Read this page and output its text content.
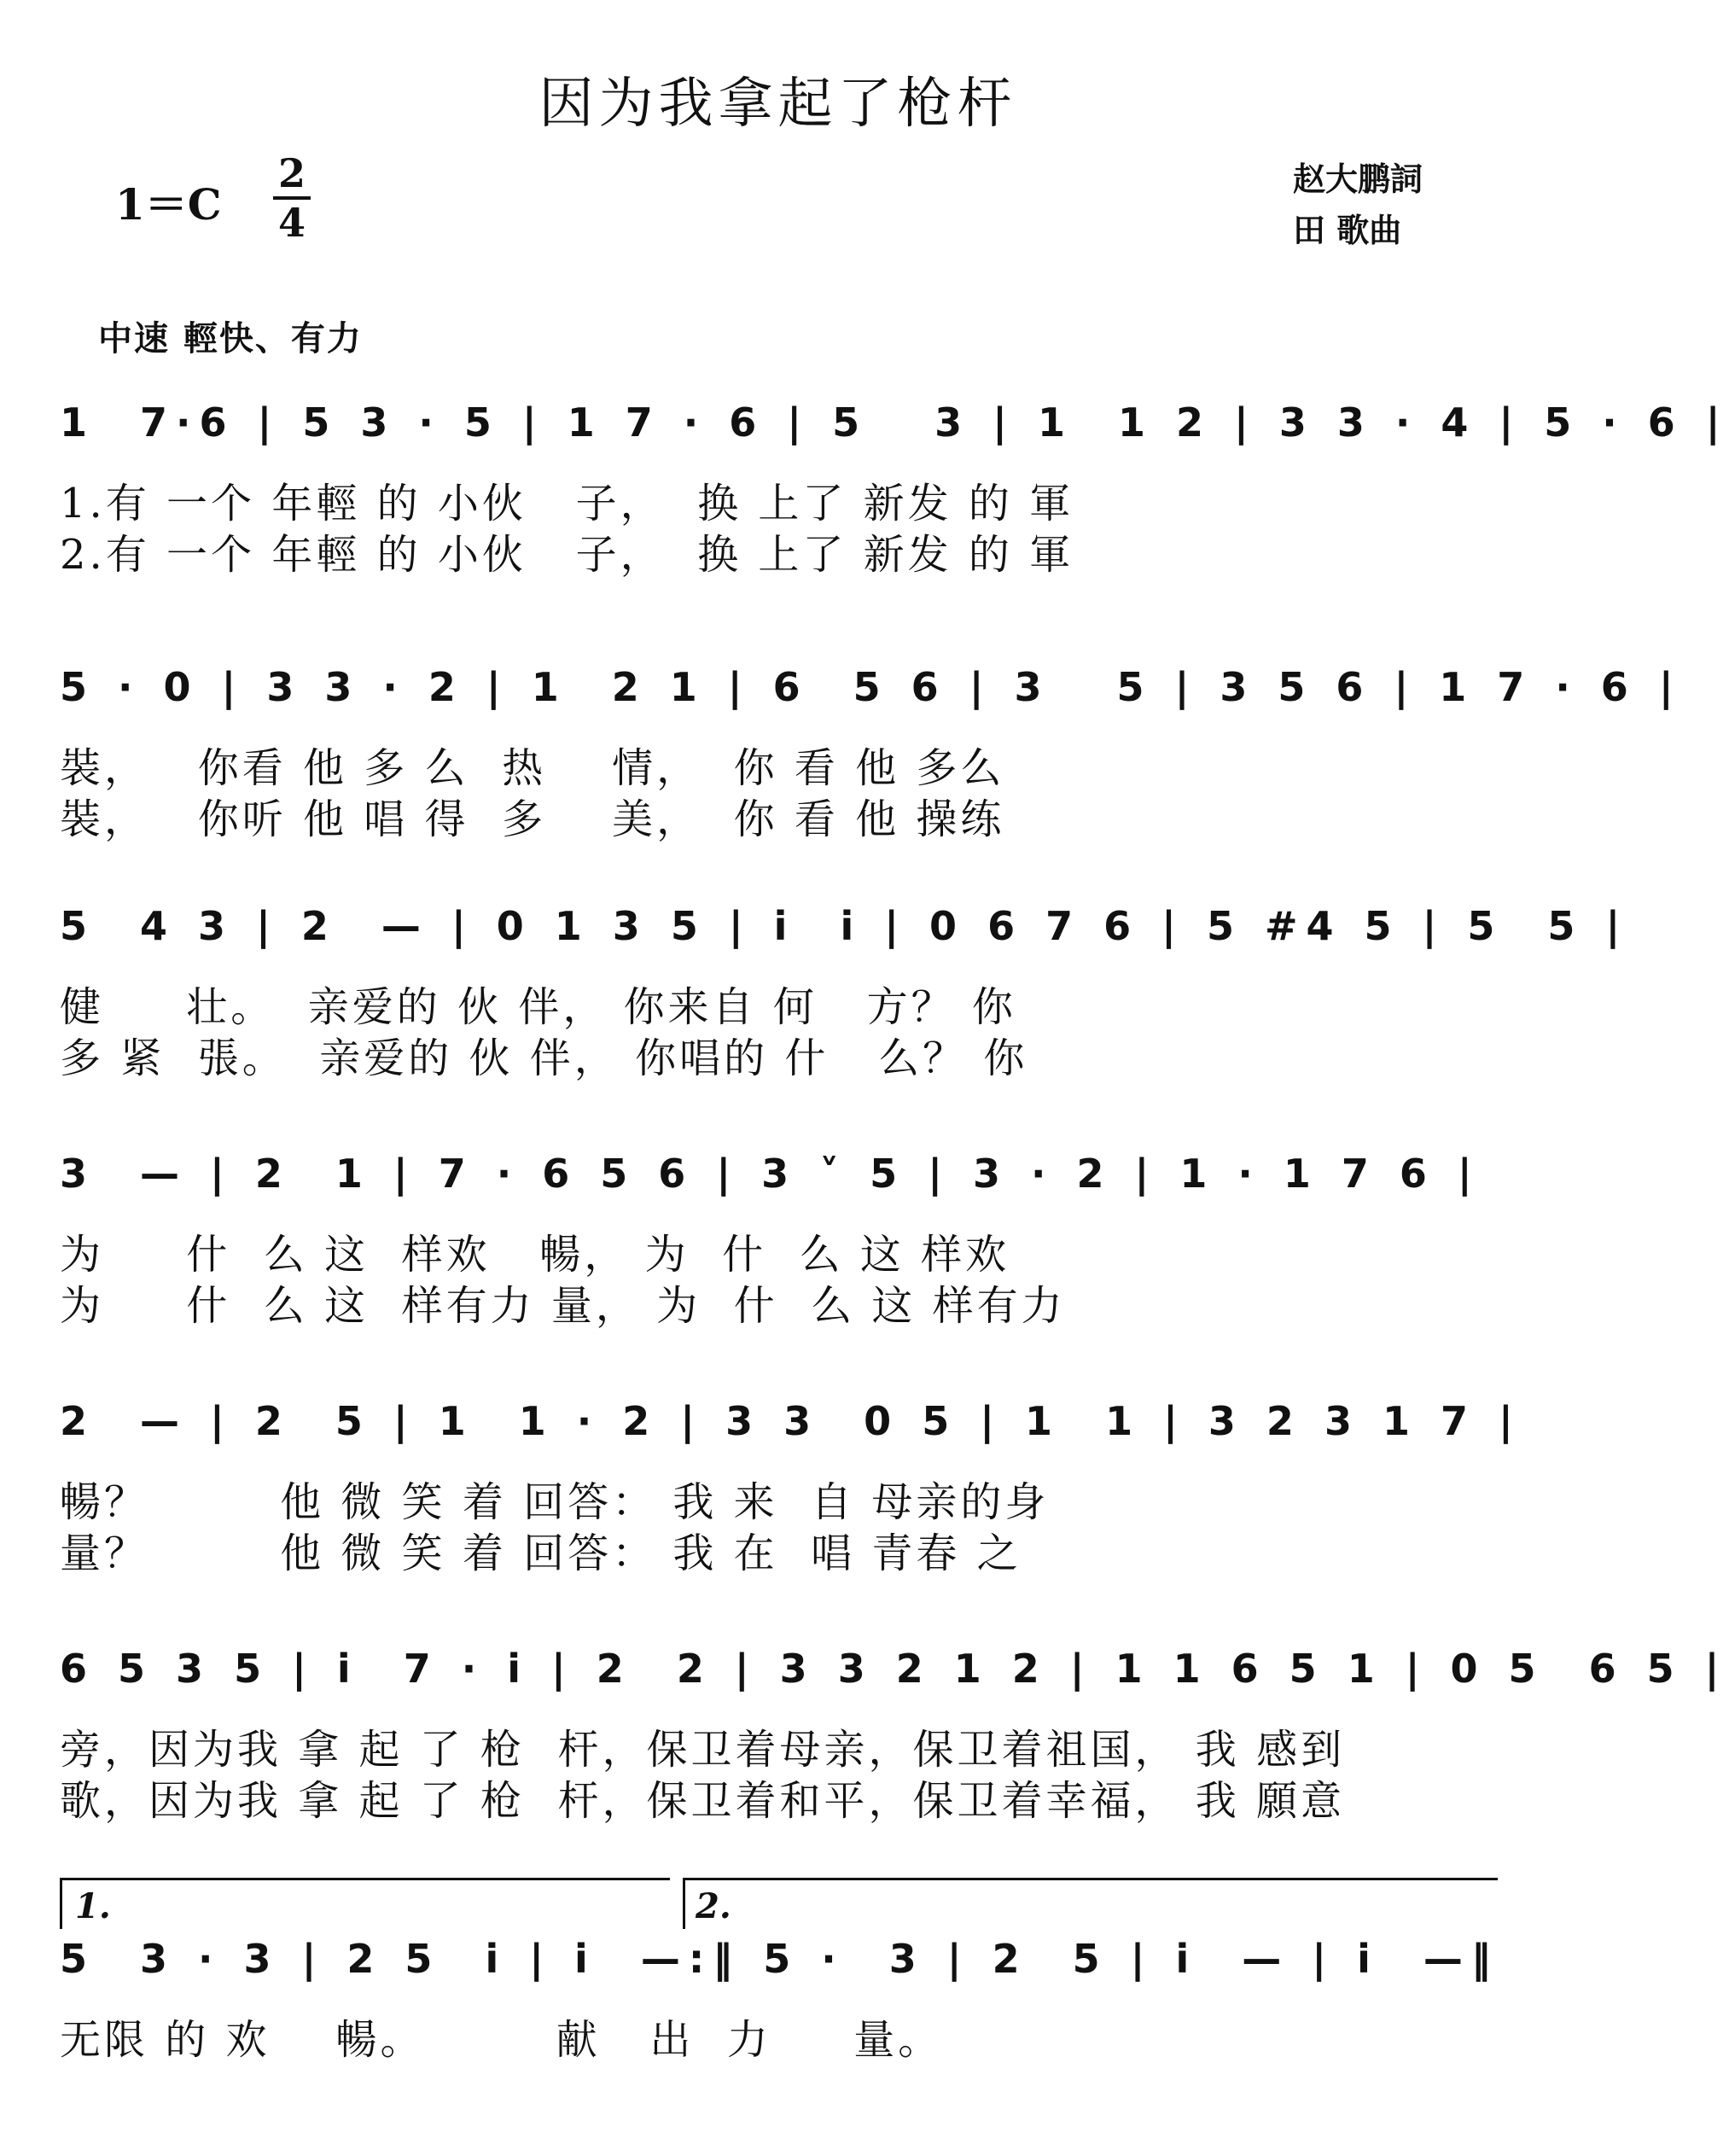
因为我拿起了枪杆
1＝C
2
4
赵大鹏詞
田 歌曲
中速 輕快、有力
1  7·6 | 5 3 · 5 | 1 7 · 6 | 5   3 | 1  1 2 | 3 3 · 4 | 5 · 6 |
1.有 一个 年輕 的 小伙   子，  换 上了 新发 的 軍
2.有 一个 年輕 的 小伙   子，  换 上了 新发 的 軍
5 · 0 | 3 3 · 2 | 1  2 1 | 6  5 6 | 3   5 | 3 5 6 | 1 7 · 6 |
裝，   你看 他 多 么  热    情，  你 看 他 多么
裝，   你听 他 唱 得  多    美，  你 看 他 操练
5  4 3 | 2  — | 0 1 3 5 | i  i | 0 6 7 6 | 5 #4 5 | 5  5 |
健     壮。  亲爱的 伙 伴， 你来自 何   方？ 你
多 紧  張。  亲爱的 伙 伴， 你唱的 什   么？ 你
3  — | 2  1 | 7 · 6 5 6 | 3 ˅ 5 | 3 · 2 | 1 · 1 7 6 |
为     什  么 这  样欢   暢， 为  什  么 这 样欢
为     什  么 这  样有力 量， 为  什  么 这 样有力
2  — | 2  5 | 1  1 · 2 | 3 3  0 5 | 1  1 | 3 2 3 1 7 |
暢？        他 微 笑 着 回答： 我 来  自 母亲的身
量？        他 微 笑 着 回答： 我 在  唱 青春 之
6 5 3 5 | i  7 · i | 2  2 | 3 3 2 1 2 | 1 1 6 5 1 | 0 5  6 5 |
旁，因为我 拿 起 了 枪  杆，保卫着母亲，保卫着祖国， 我 感到
歌，因为我 拿 起 了 枪  杆，保卫着和平，保卫着幸福， 我 願意
1.	2.
5  3 · 3 | 2 5  i | i  —:‖ 5 ·  3 | 2  5 | i  — | i  —‖
无限 的 欢    暢。        献   出  力     量。
